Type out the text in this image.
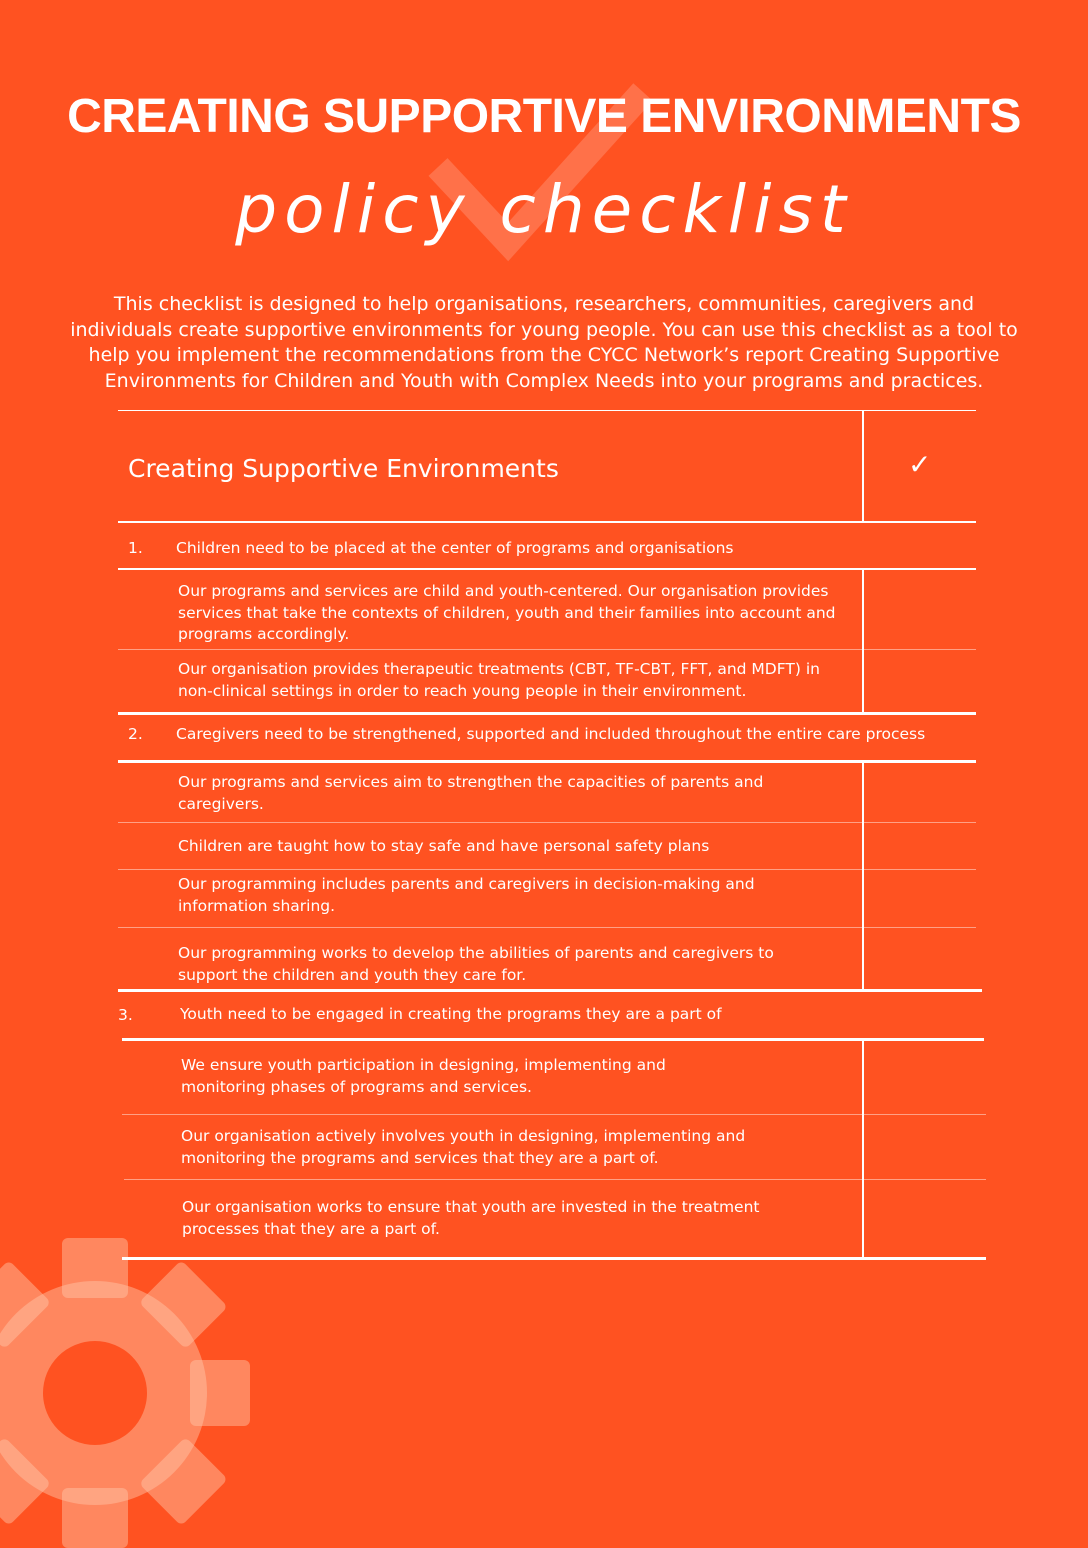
CREATING SUPPORTIVE ENVIRONMENTS
policy checklist

This checklist is designed to help organisations, researchers, communities, caregivers and individuals create supportive environments for young people. You can use this checklist as a tool to help you implement the recommendations from the CYCC Network’s report Creating Supportive Environments for Children and Youth with Complex Needs into your programs and practices.

Creating Supportive Environments	✓
1. Children need to be placed at the center of programs and organisations
Our programs and services are child and youth-centered. Our organisation provides services that take the contexts of children, youth and their families into account and programs accordingly.
Our organisation provides therapeutic treatments (CBT, TF-CBT, FFT, and MDFT) in non-clinical settings in order to reach young people in their environment.
2. Caregivers need to be strengthened, supported and included throughout the entire care process
Our programs and services aim to strengthen the capacities of parents and caregivers.
Children are taught how to stay safe and have personal safety plans
Our programming includes parents and caregivers in decision-making and information sharing.
Our programming works to develop the abilities of parents and caregivers to support the children and youth they care for.
3.	Youth need to be engaged in creating the programs they are a part of
We ensure youth participation in designing, implementing and monitoring phases of programs and services.
Our organisation actively involves youth in designing, implementing and monitoring the programs and services that they are a part of.
Our organisation works to ensure that youth are invested in the treatment processes that they are a part of.
